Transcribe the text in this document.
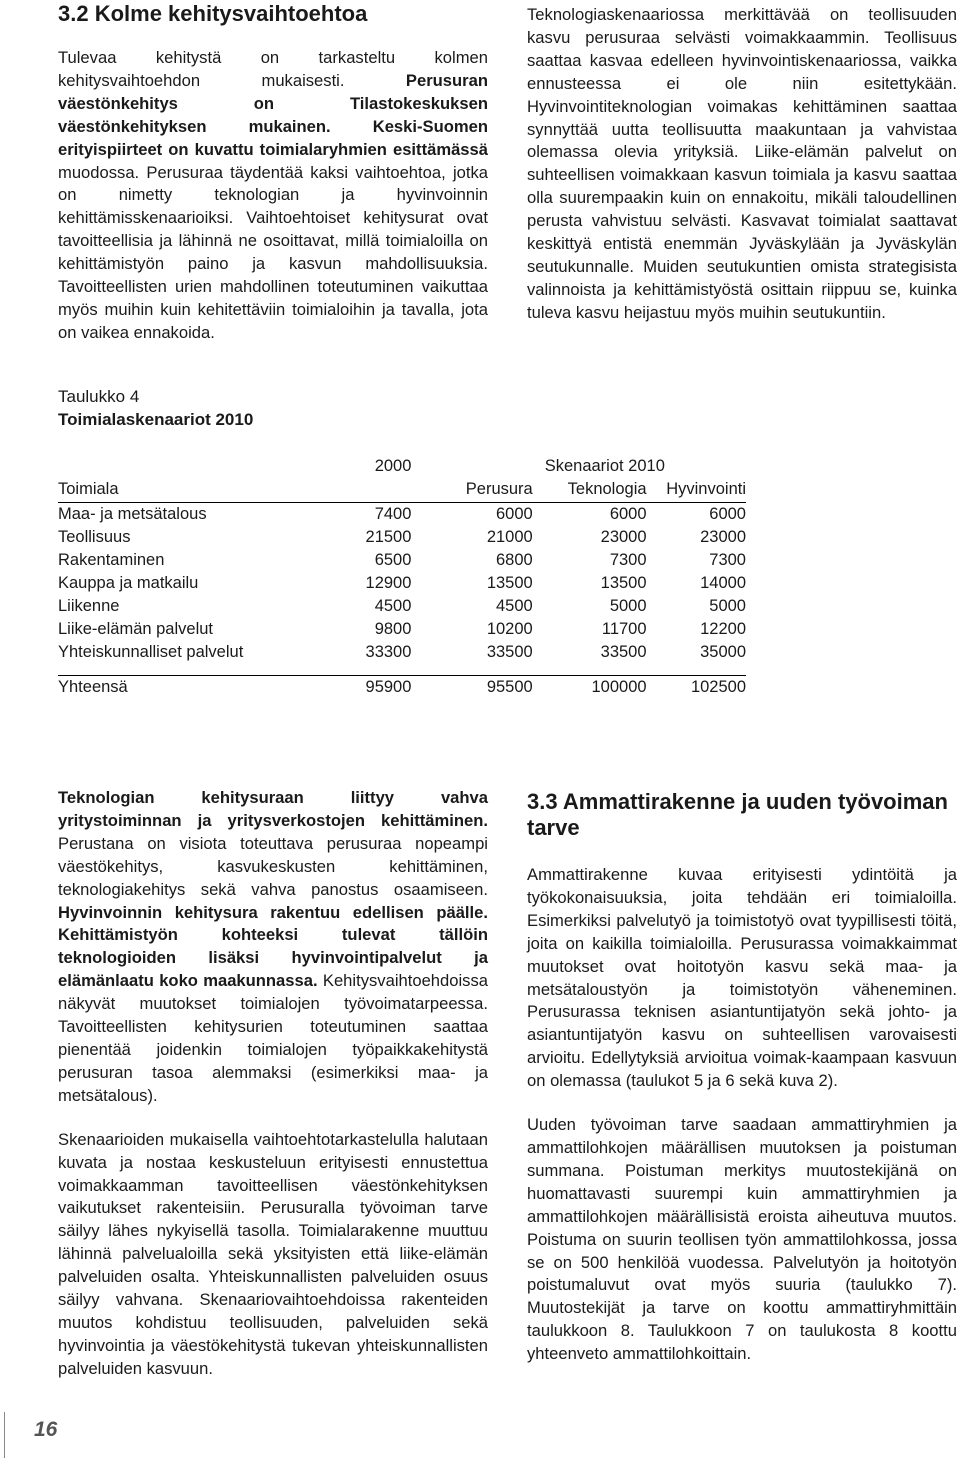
3.2 Kolme kehitysvaihtoehtoa

Tulevaa kehitystä on tarkasteltu kolmen kehitysvaihtoehdon mukaisesti. Perusuran väestönkehitys on Tilastokeskuksen väestönkehityksen mukainen. Keski-Suomen erityispiirteet on kuvattu toimialaryhmien esittämässä muodossa. Perusuraa täydentää kaksi vaihtoehtoa, jotka on nimetty teknologian ja hyvinvoinnin kehittämisskenaarioiksi. Vaihtoehtoiset kehitysurat ovat tavoitteellisia ja lähinnä ne osoittavat, millä toimialoilla on kehittämistyön paino ja kasvun mahdollisuuksia. Tavoitteellisten urien mahdollinen toteutuminen vaikuttaa myös muihin kuin kehitettäviin toimialoihin ja tavalla, jota on vaikea ennakoida.

Teknologiaskenaariossa merkittävää on teollisuuden kasvu perusuraa selvästi voimakkaammin. Teollisuus saattaa kasvaa edelleen hyvinvointiskenaariossa, vaikka ennusteessa ei ole niin esitettykään. Hyvinvointiteknologian voimakas kehittäminen saattaa synnyttää uutta teollisuutta maakuntaan ja vahvistaa olemassa olevia yrityksiä. Liike-elämän palvelut on suhteellisen voimakkaan kasvun toimiala ja kasvu saattaa olla suurempaakin kuin on ennakoitu, mikäli taloudellinen perusta vahvistuu selvästi. Kasvavat toimialat saattavat keskittyä entistä enemmän Jyväskylään ja Jyväskylän seutukunnalle. Muiden seutukuntien omista strategisista valinnoista ja kehittämistyöstä osittain riippuu se, kuinka tuleva kasvu heijastuu myös muihin seutukuntiin.

Taulukko 4
Toimialaskenaariot 2010
	2000		Skenaariot 2010	
Toimiala		Perusura	Teknologia	Hyvinvointi

Maa- ja metsätalous	7400	6000	6000	6000
Teollisuus	21500	21000	23000	23000
Rakentaminen	6500	6800	7300	7300
Kauppa ja matkailu	12900	13500	13500	14000
Liikenne	4500	4500	5000	5000
Liike-elämän palvelut	9800	10200	11700	12200
Yhteiskunnalliset palvelut	33300	33500	33500	35000

Yhteensä	95900	95500	100000	102500

Teknologian kehitysuraan liittyy vahva yritystoiminnan ja yritysverkostojen kehittäminen. Perustana on visiota toteuttava perusuraa nopeampi väestökehitys, kasvukeskusten kehittäminen, teknologiakehitys sekä vahva panostus osaamiseen. Hyvinvoinnin kehitysura rakentuu edellisen päälle. Kehittämistyön kohteeksi tulevat tällöin teknologioiden lisäksi hyvinvointipalvelut ja elämänlaatu koko maakunnassa. Kehitysvaihtoehdoissa näkyvät muutokset toimialojen työvoimatarpeessa. Tavoitteellisten kehitysurien toteutuminen saattaa pienentää joidenkin toimialojen työpaikkakehitystä perusuran tasoa alemmaksi (esimerkiksi maa- ja metsätalous).

Skenaarioiden mukaisella vaihtoehtotarkastelulla halutaan kuvata ja nostaa keskusteluun erityisesti ennustettua voimakkaamman tavoitteellisen väestönkehityksen vaikutukset rakenteisiin. Perusuralla työvoiman tarve säilyy lähes nykyisellä tasolla. Toimialarakenne muuttuu lähinnä palvelualoilla sekä yksityisten että liike-elämän palveluiden osalta. Yhteiskunnallisten palveluiden osuus säilyy vahvana. Skenaariovaihtoehdoissa rakenteiden muutos kohdistuu teollisuuden, palveluiden sekä hyvinvointia ja väestökehitystä tukevan yhteiskunnallisten palveluiden kasvuun.

3.3 Ammattirakenne ja uuden työvoiman tarve

Ammattirakenne kuvaa erityisesti ydintöitä ja työkokonaisuuksia, joita tehdään eri toimialoilla. Esimerkiksi palvelutyö ja toimistotyö ovat tyypillisesti töitä, joita on kaikilla toimialoilla. Perusurassa voimakkaimmat muutokset ovat hoitotyön kasvu sekä maa- ja metsätaloustyön ja toimistotyön väheneminen. Perusurassa teknisen asiantuntijatyön sekä johto- ja asiantuntijatyön kasvu on suhteellisen varovaisesti arvioitu. Edellytyksiä arvioitua voimak-kaampaan kasvuun on olemassa (taulukot 5 ja 6 sekä kuva 2).

Uuden työvoiman tarve saadaan ammattiryhmien ja ammattilohkojen määrällisen muutoksen ja poistuman summana. Poistuman merkitys muutostekijänä on huomattavasti suurempi kuin ammattiryhmien ja ammattilohkojen määrällisistä eroista aiheutuva muutos. Poistuma on suurin teollisen työn ammattilohkossa, jossa se on 500 henkilöä vuodessa. Palvelutyön ja hoitotyön poistumaluvut ovat myös suuria (taulukko 7). Muutostekijät ja tarve on koottu ammattiryhmittäin taulukkoon 8. Taulukkoon 7 on taulukosta 8 koottu yhteenveto ammattilohkoittain.

16
